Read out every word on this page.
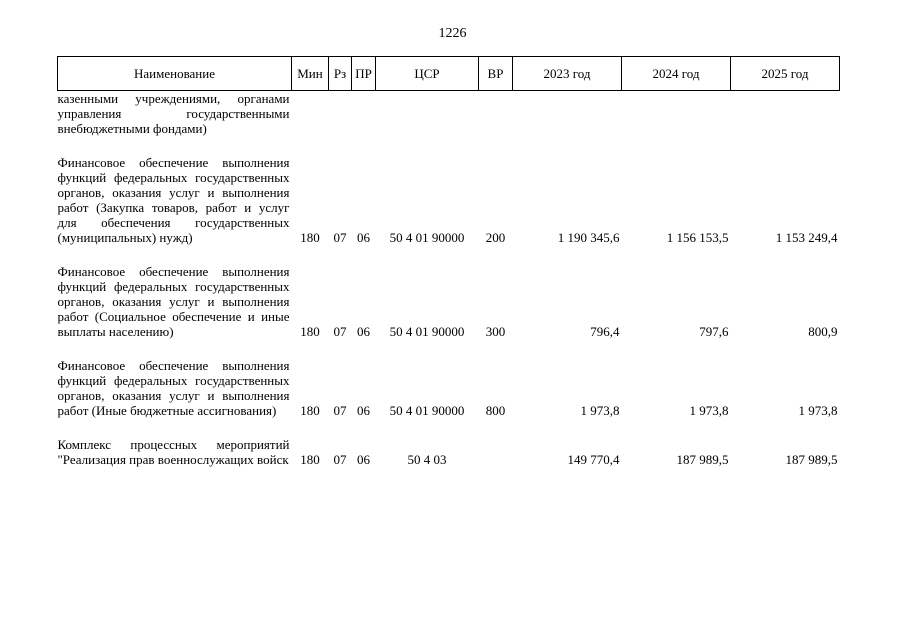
1226
Наименование	Мин	Рз	ПР	ЦСР	ВР	2023 год	2024 год	2025 год
казенными учреждениями, органами управления государственными внебюджетными фондами)								

Финансовое обеспечение выполнения функций федеральных государственных органов, оказания услуг и выполнения работ (Закупка товаров, работ и услуг для обеспечения государственных (муниципальных) нужд)	180	07	06	50 4 01 90000	200	1 190 345,6	1 156 153,5	1 153 249,4

Финансовое обеспечение выполнения функций федеральных государственных органов, оказания услуг и выполнения работ (Социальное обеспечение и иные выплаты населению)	180	07	06	50 4 01 90000	300	796,4	797,6	800,9

Финансовое обеспечение выполнения функций федеральных государственных органов, оказания услуг и выполнения работ (Иные бюджетные ассигнования)	180	07	06	50 4 01 90000	800	1 973,8	1 973,8	1 973,8

Комплекс процессных мероприятий "Реализация прав военнослужащих войск	180	07	06	50 4 03		149 770,4	187 989,5	187 989,5
